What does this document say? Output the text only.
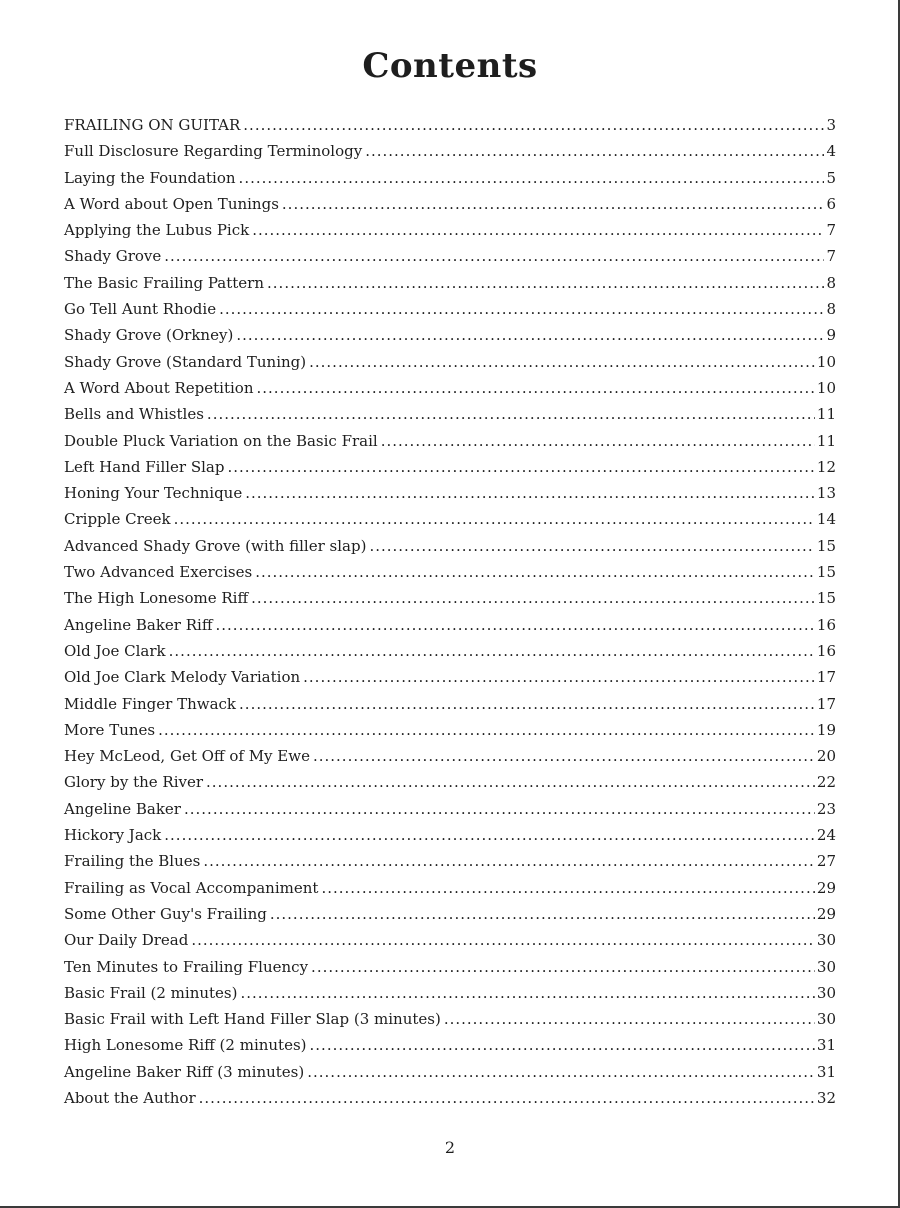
Contents
FRAILING ON GUITAR .....	3
Full Disclosure Regarding Terminology .....	4
Laying the Foundation .....	5
A Word about Open Tunings .....	6
Applying the Lubus Pick .....	7
Shady Grove .....	7
The Basic Frailing Pattern .....	8
Go Tell Aunt Rhodie .....	8
Shady Grove (Orkney) .....	9
Shady Grove (Standard Tuning) .....	10
A Word About Repetition .....	10
Bells and Whistles .....	11
Double Pluck Variation on the Basic Frail .....	11
Left Hand Filler Slap .....	12
Honing Your Technique .....	13
Cripple Creek .....	14
Advanced Shady Grove (with filler slap) .....	15
Two Advanced Exercises .....	15
The High Lonesome Riff .....	15
Angeline Baker Riff .....	16
Old Joe Clark .....	16
Old Joe Clark Melody Variation .....	17
Middle Finger Thwack .....	17
More Tunes .....	19
Hey McLeod, Get Off of My Ewe .....	20
Glory by the River .....	22
Angeline Baker .....	23
Hickory Jack .....	24
Frailing the Blues .....	27
Frailing as Vocal Accompaniment .....	29
Some Other Guy's Frailing .....	29
Our Daily Dread .....	30
Ten Minutes to Frailing Fluency .....	30
Basic Frail (2 minutes) .....	30
Basic Frail with Left Hand Filler Slap (3 minutes) .....	30
High Lonesome Riff (2 minutes) .....	31
Angeline Baker Riff (3 minutes) .....	31
About the Author .....	32
2
